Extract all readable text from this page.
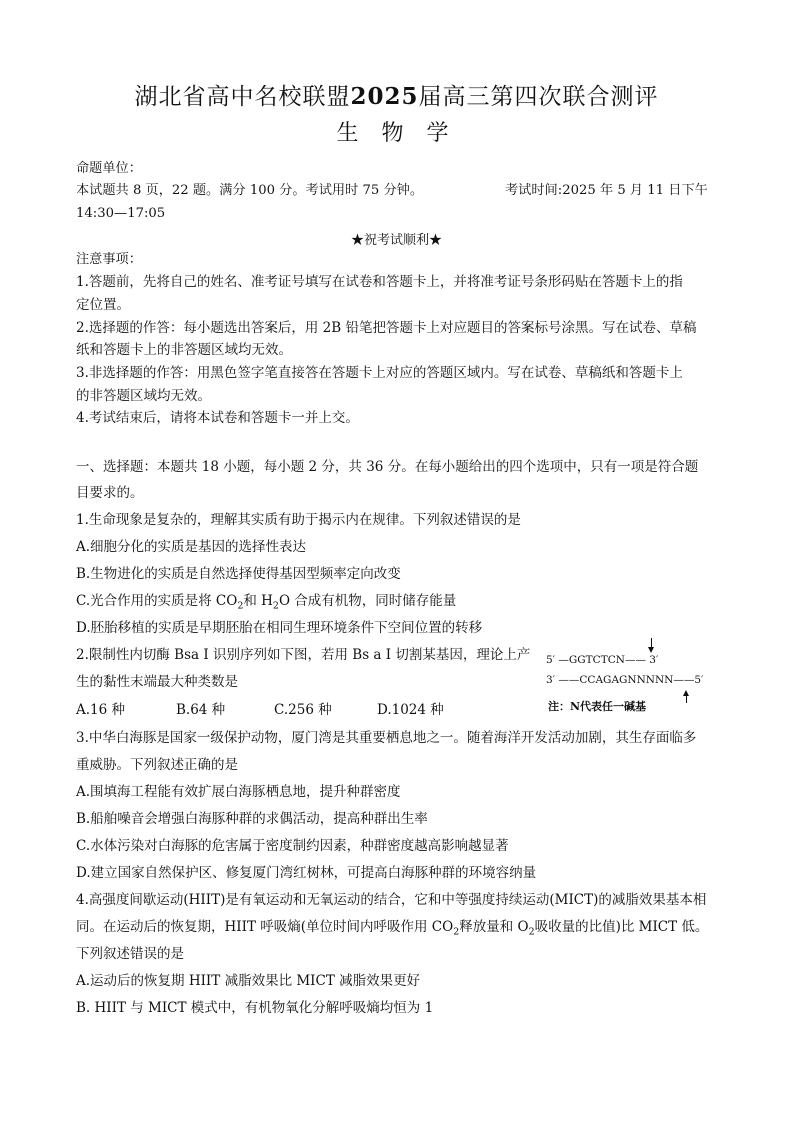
湖北省高中名校联盟2025届高三第四次联合测评
生 物 学
命题单位：
本试题共 8 页，22 题。满分 100 分。考试用时 75 分钟。	考试时间:2025 年 5 月 11 日下午
14:30—17:05
★祝考试顺利★
注意事项：
1.答题前，先将自己的姓名、准考证号填写在试卷和答题卡上，并将准考证号条形码贴在答题卡上的指
定位置。
2.选择题的作答：每小题选出答案后，用 2B 铅笔把答题卡上对应题目的答案标号涂黑。写在试卷、草稿
纸和答题卡上的非答题区域均无效。
3.非选择题的作答：用黑色签字笔直接答在答题卡上对应的答题区域内。写在试卷、草稿纸和答题卡上
的非答题区域均无效。
4.考试结束后，请将本试卷和答题卡一并上交。
一、选择题：本题共 18 小题，每小题 2 分，共 36 分。在每小题给出的四个选项中，只有一项是符合题
目要求的。
1.生命现象是复杂的，理解其实质有助于揭示内在规律。下列叙述错误的是
A.细胞分化的实质是基因的选择性表达
B.生物进化的实质是自然选择使得基因型频率定向改变
C.光合作用的实质是将 $CO_2$和 $H_2O$ 合成有机物，同时储存能量
D.胚胎移植的实质是早期胚胎在相同生理环境条件下空间位置的转移
2.限制性内切酶 Bsa I 识别序列如下图，若用 Bs a I 切割某基因，理论上产
生的黏性末端最大种类数是
A.16 种	B.64 种	C.256 种	D.1024 种
5′ —GGTCTCN—— 3′
3′ ——CCAGAGNNNNN——5′
注：N代表任一碱基
3.中华白海豚是国家一级保护动物，厦门湾是其重要栖息地之一。随着海洋开发活动加剧，其生存面临多
重威胁。下列叙述正确的是
A.围填海工程能有效扩展白海豚栖息地，提升种群密度
B.船舶噪音会增强白海豚种群的求偶活动，提高种群出生率
C.水体污染对白海豚的危害属于密度制约因素，种群密度越高影响越显著
D.建立国家自然保护区、修复厦门湾红树林，可提高白海豚种群的环境容纳量
4.高强度间歇运动(HIIT)是有氧运动和无氧运动的结合，它和中等强度持续运动(MICT)的减脂效果基本相
同。在运动后的恢复期，HIIT 呼吸熵(单位时间内呼吸作用 $CO_2$释放量和 $O_2$吸收量的比值)比 MICT 低。
下列叙述错误的是
A.运动后的恢复期 HIIT 减脂效果比 MICT 减脂效果更好
B. HIIT 与 MICT 模式中，有机物氧化分解呼吸熵均恒为 1
